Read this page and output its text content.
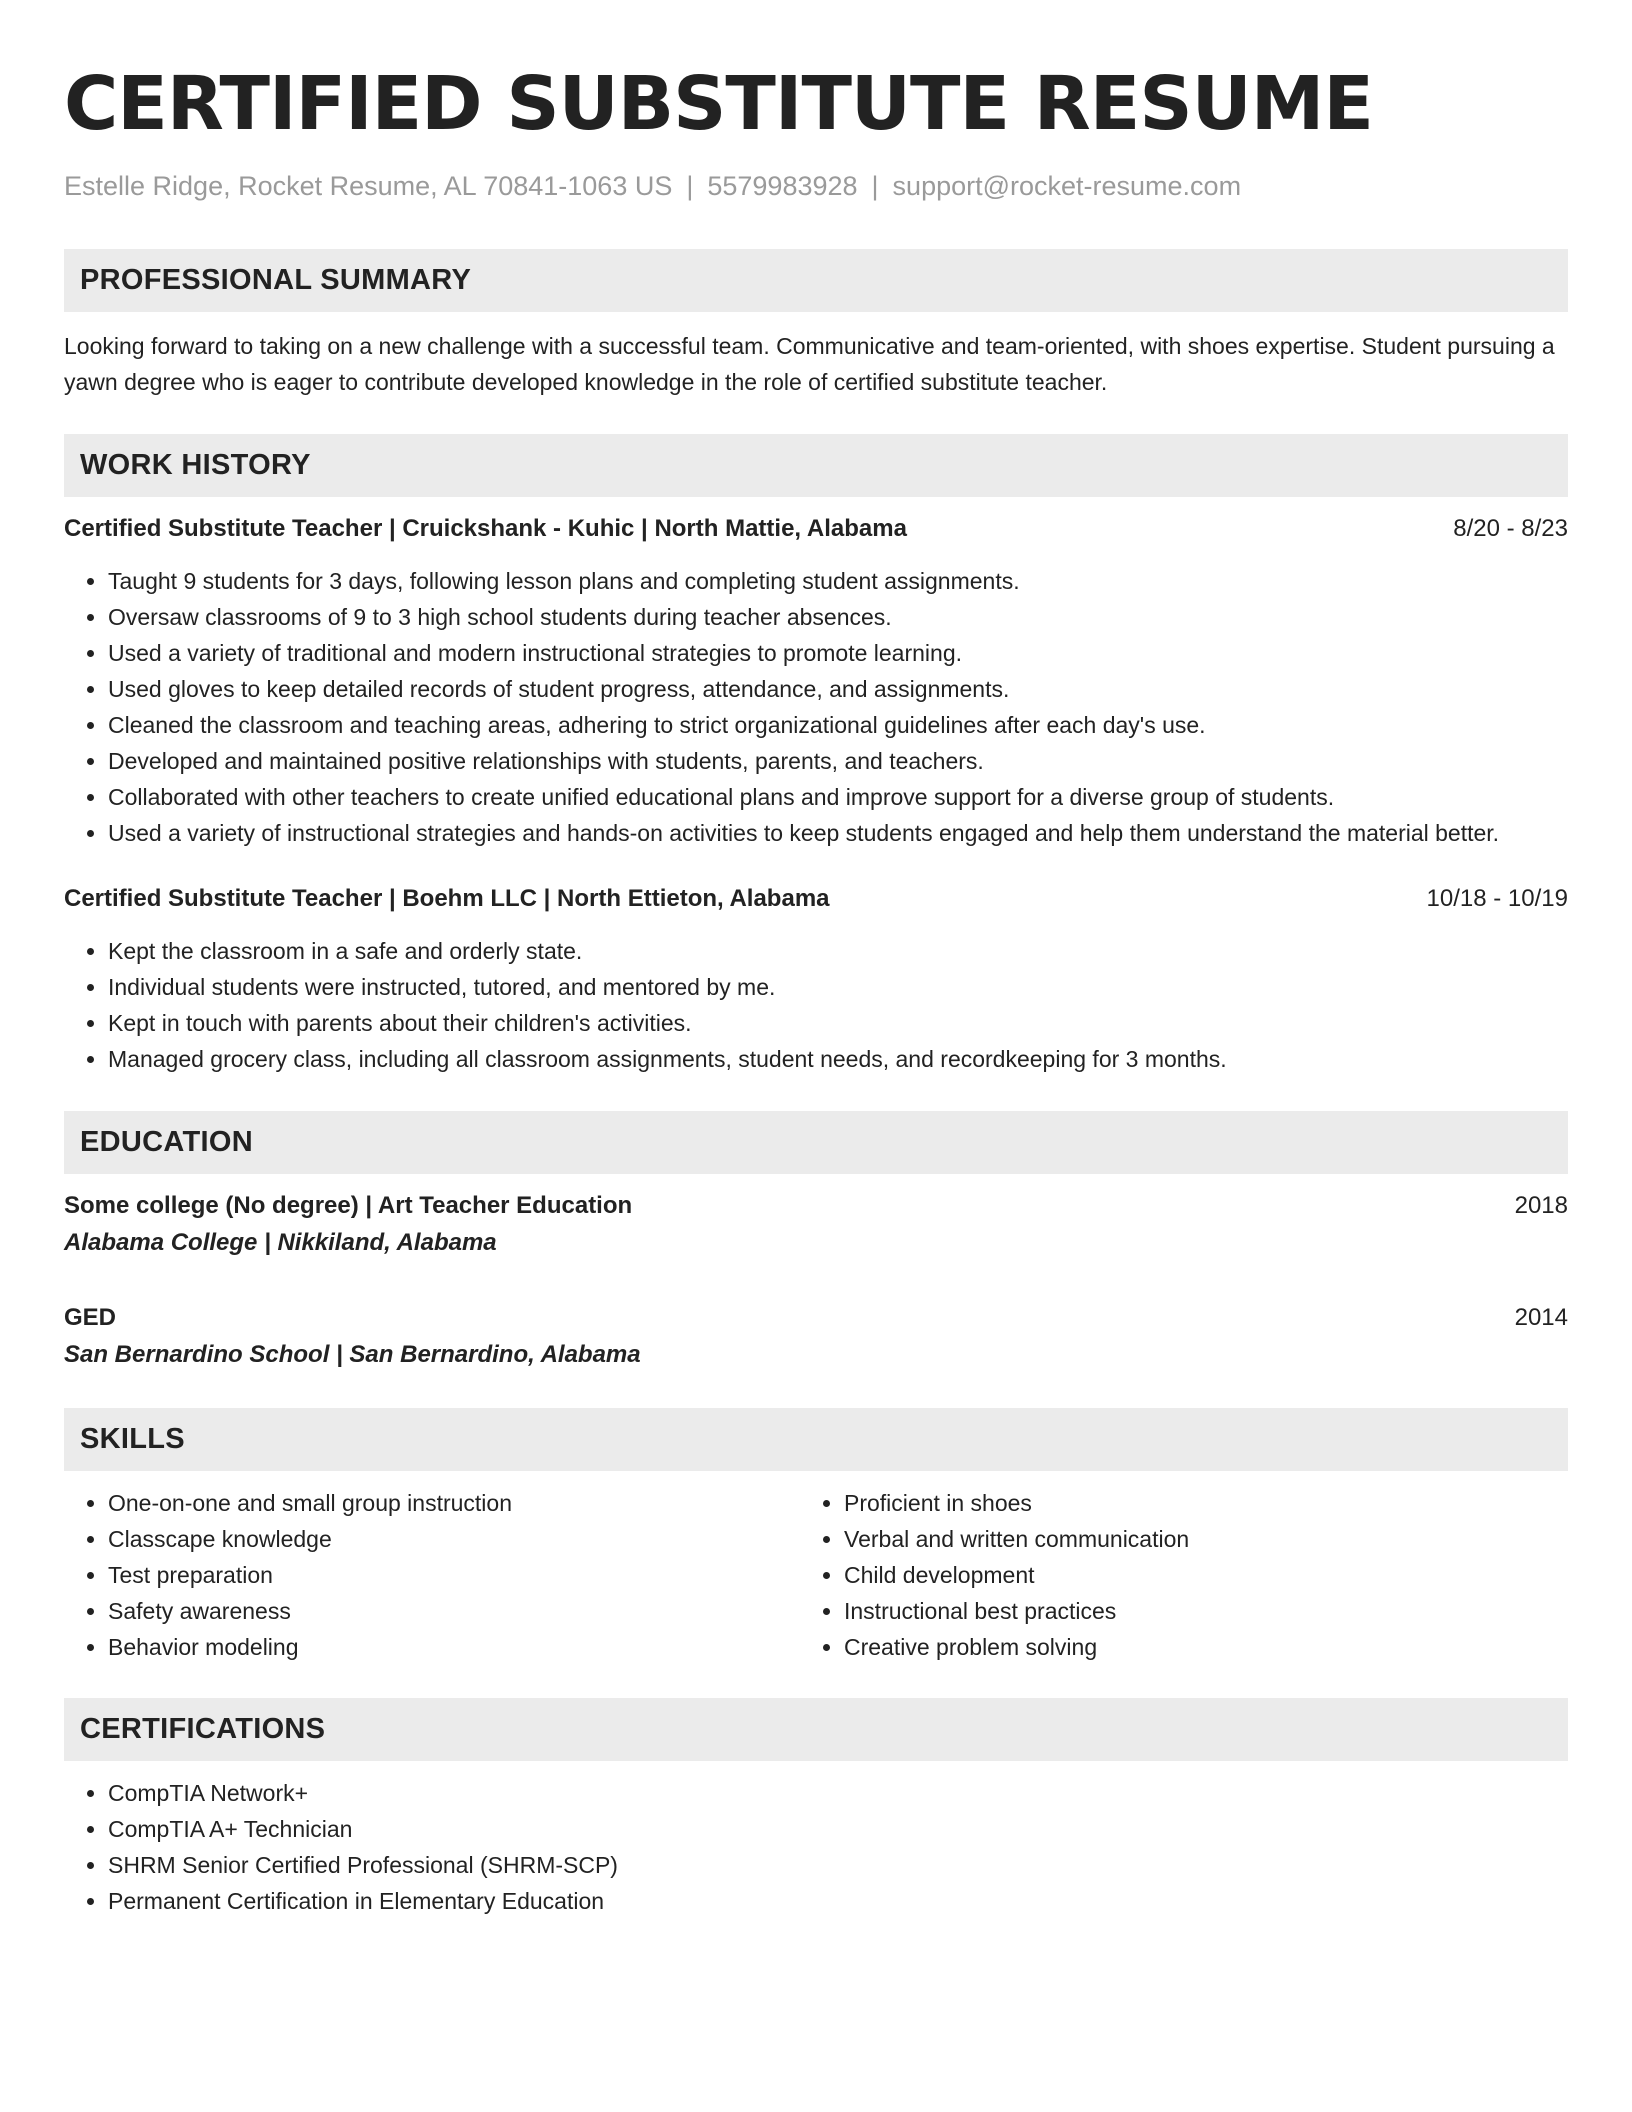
CERTIFIED SUBSTITUTE RESUME
Estelle Ridge, Rocket Resume, AL 70841-1063 US | 5579983928 | support@rocket-resume.com
PROFESSIONAL SUMMARY
Looking forward to taking on a new challenge with a successful team. Communicative and team-oriented, with shoes expertise. Student pursuing a yawn degree who is eager to contribute developed knowledge in the role of certified substitute teacher.
WORK HISTORY
Certified Substitute Teacher | Cruickshank - Kuhic | North Mattie, Alabama	8/20 - 8/23
• Taught 9 students for 3 days, following lesson plans and completing student assignments.
• Oversaw classrooms of 9 to 3 high school students during teacher absences.
• Used a variety of traditional and modern instructional strategies to promote learning.
• Used gloves to keep detailed records of student progress, attendance, and assignments.
• Cleaned the classroom and teaching areas, adhering to strict organizational guidelines after each day's use.
• Developed and maintained positive relationships with students, parents, and teachers.
• Collaborated with other teachers to create unified educational plans and improve support for a diverse group of students.
• Used a variety of instructional strategies and hands-on activities to keep students engaged and help them understand the material better.
Certified Substitute Teacher | Boehm LLC | North Ettieton, Alabama	10/18 - 10/19
• Kept the classroom in a safe and orderly state.
• Individual students were instructed, tutored, and mentored by me.
• Kept in touch with parents about their children's activities.
• Managed grocery class, including all classroom assignments, student needs, and recordkeeping for 3 months.
EDUCATION
Some college (No degree) | Art Teacher Education	2018
Alabama College | Nikkiland, Alabama
GED	2014
San Bernardino School | San Bernardino, Alabama
SKILLS
• One-on-one and small group instruction
• Classcape knowledge
• Test preparation
• Safety awareness
• Behavior modeling
• Proficient in shoes
• Verbal and written communication
• Child development
• Instructional best practices
• Creative problem solving
CERTIFICATIONS
• CompTIA Network+
• CompTIA A+ Technician
• SHRM Senior Certified Professional (SHRM-SCP)
• Permanent Certification in Elementary Education
